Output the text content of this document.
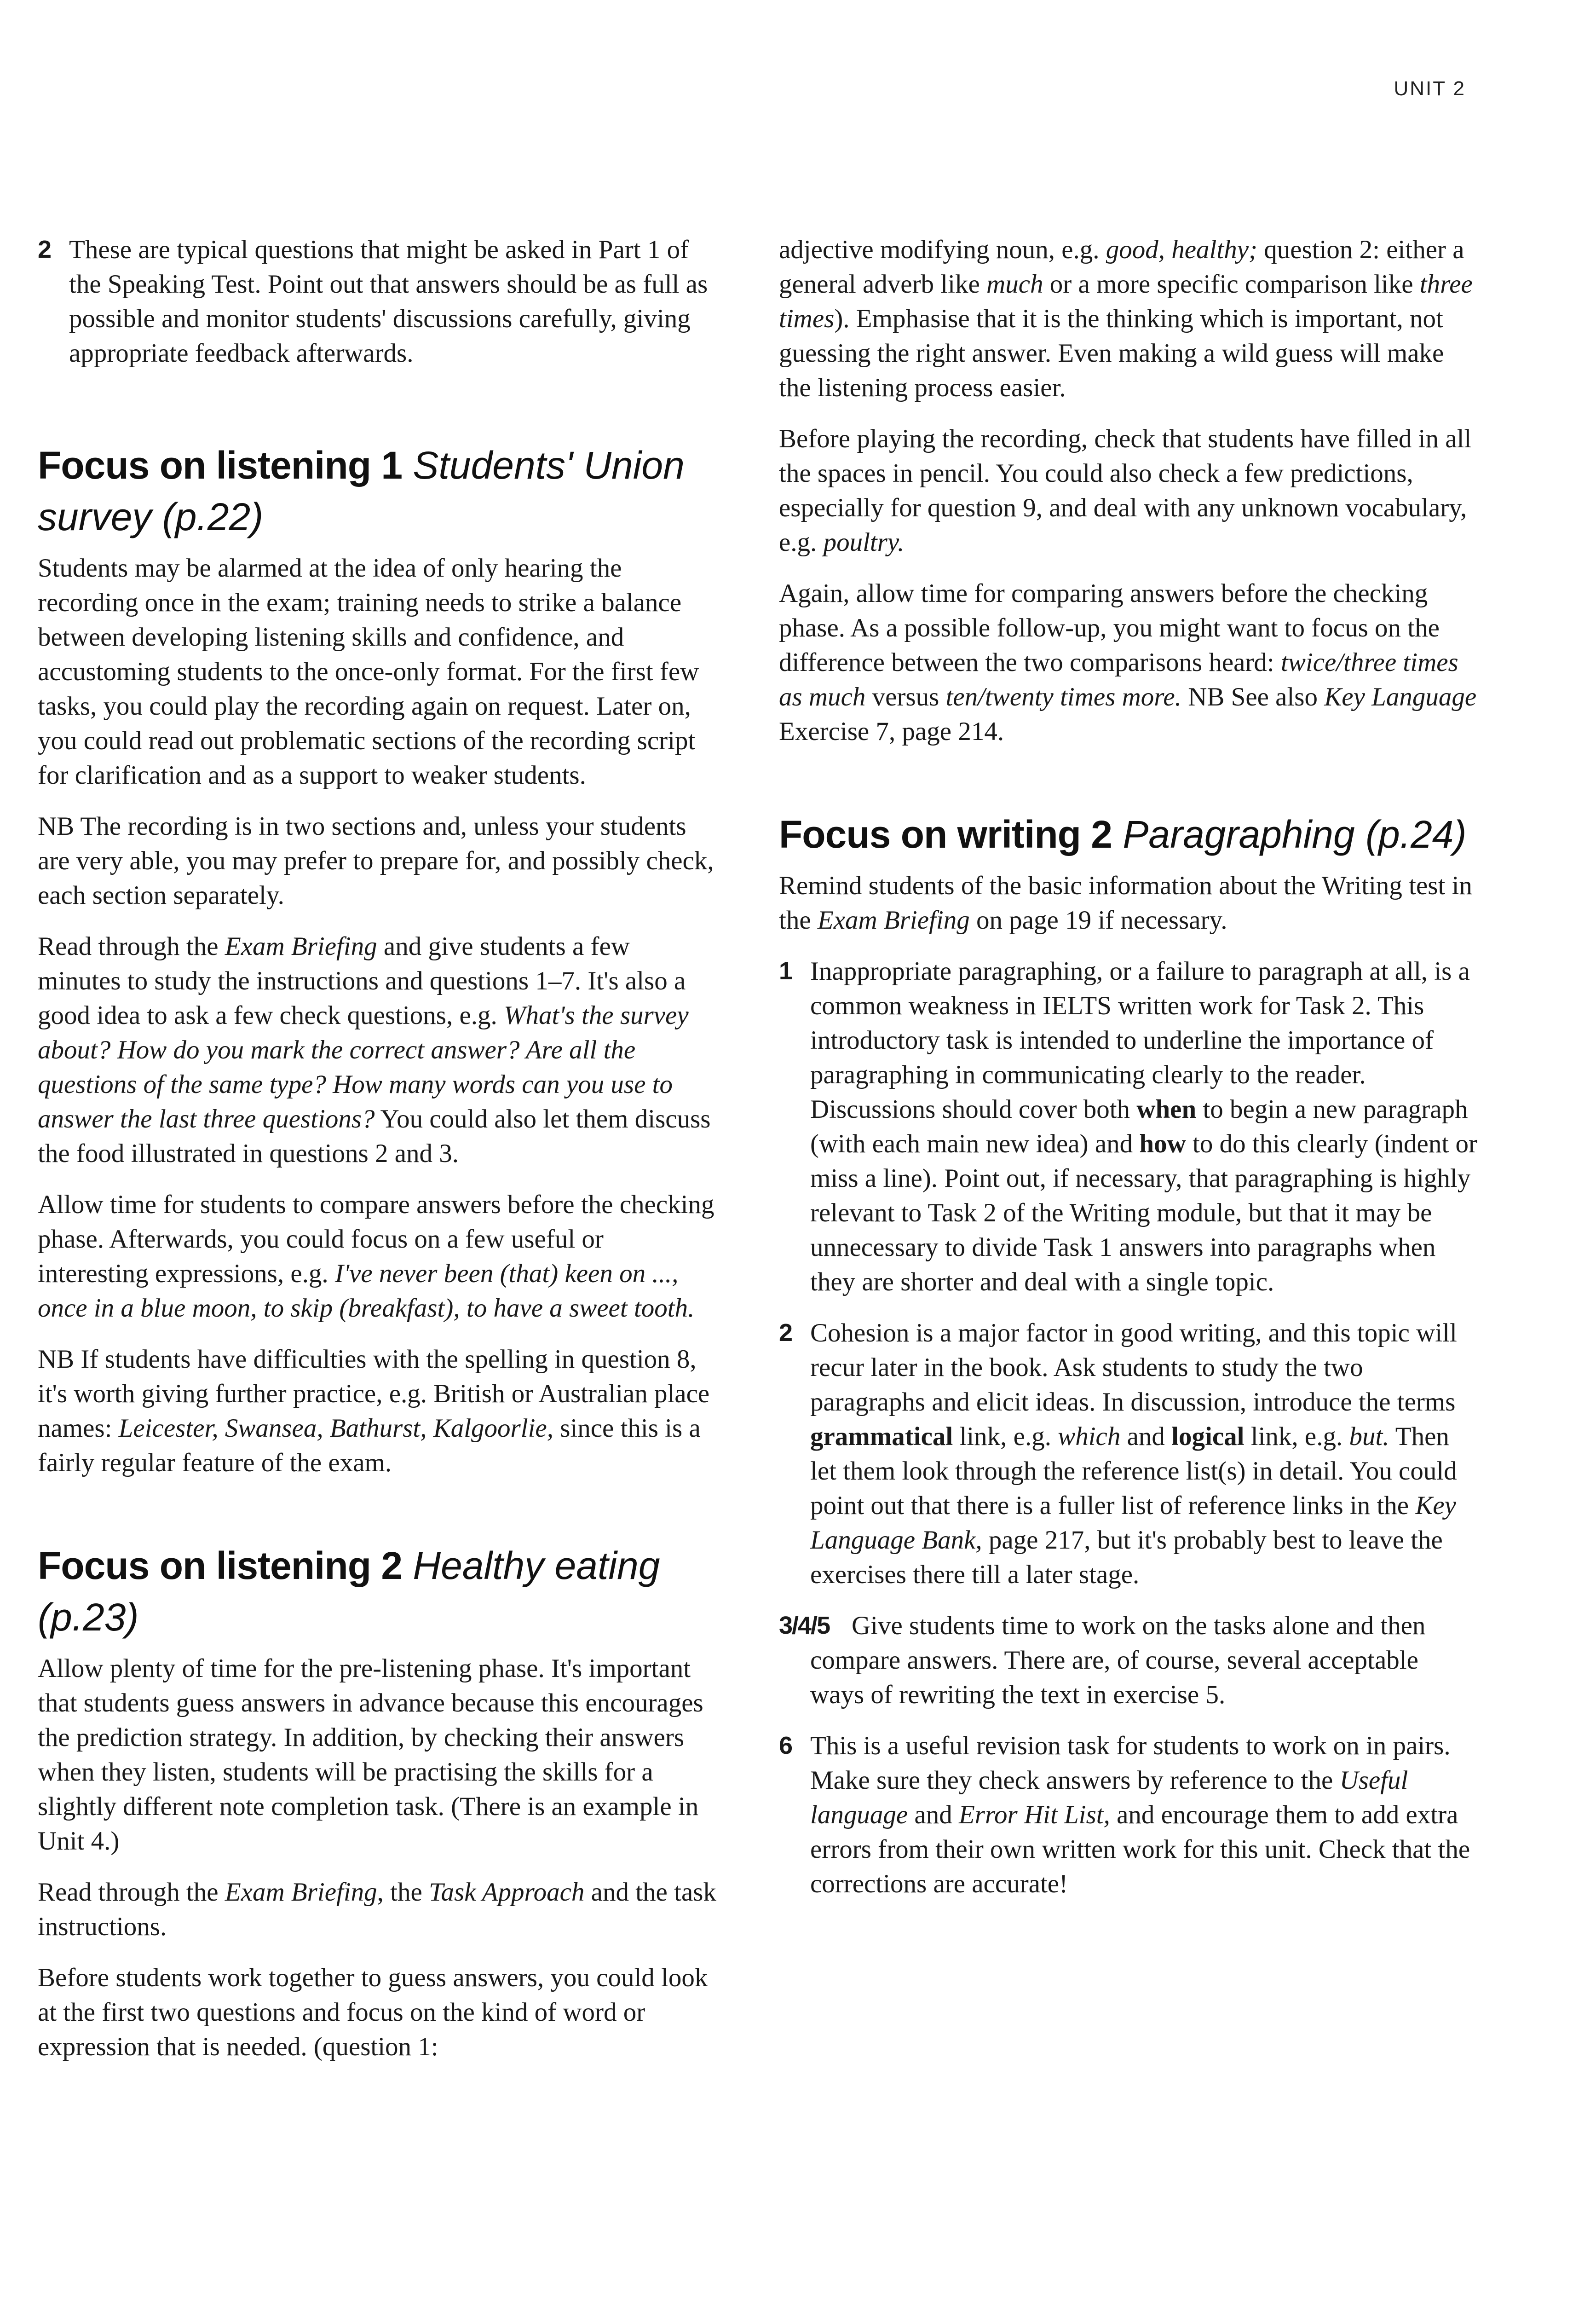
UNIT 2

2 These are typical questions that might be asked in Part 1 of the Speaking Test. Point out that answers should be as full as possible and monitor students' discussions carefully, giving appropriate feedback afterwards.

Focus on listening 1 Students' Union survey (p.22)

Students may be alarmed at the idea of only hearing the recording once in the exam; training needs to strike a balance between developing listening skills and confidence, and accustoming students to the once-only format. For the first few tasks, you could play the recording again on request. Later on, you could read out problematic sections of the recording script for clarification and as a support to weaker students.

NB The recording is in two sections and, unless your students are very able, you may prefer to prepare for, and possibly check, each section separately.

Read through the Exam Briefing and give students a few minutes to study the instructions and questions 1–7. It's also a good idea to ask a few check questions, e.g. What's the survey about? How do you mark the correct answer? Are all the questions of the same type? How many words can you use to answer the last three questions? You could also let them discuss the food illustrated in questions 2 and 3.

Allow time for students to compare answers before the checking phase. Afterwards, you could focus on a few useful or interesting expressions, e.g. I've never been (that) keen on ..., once in a blue moon, to skip (breakfast), to have a sweet tooth.

NB If students have difficulties with the spelling in question 8, it's worth giving further practice, e.g. British or Australian place names: Leicester, Swansea, Bathurst, Kalgoorlie, since this is a fairly regular feature of the exam.

Focus on listening 2 Healthy eating (p.23)

Allow plenty of time for the pre-listening phase. It's important that students guess answers in advance because this encourages the prediction strategy. In addition, by checking their answers when they listen, students will be practising the skills for a slightly different note completion task. (There is an example in Unit 4.)

Read through the Exam Briefing, the Task Approach and the task instructions.

Before students work together to guess answers, you could look at the first two questions and focus on the kind of word or expression that is needed. (question 1:

adjective modifying noun, e.g. good, healthy; question 2: either a general adverb like much or a more specific comparison like three times). Emphasise that it is the thinking which is important, not guessing the right answer. Even making a wild guess will make the listening process easier.

Before playing the recording, check that students have filled in all the spaces in pencil. You could also check a few predictions, especially for question 9, and deal with any unknown vocabulary, e.g. poultry.

Again, allow time for comparing answers before the checking phase. As a possible follow-up, you might want to focus on the difference between the two comparisons heard: twice/three times as much versus ten/twenty times more. NB See also Key Language Exercise 7, page 214.

Focus on writing 2 Paragraphing (p.24)

Remind students of the basic information about the Writing test in the Exam Briefing on page 19 if necessary.

1 Inappropriate paragraphing, or a failure to paragraph at all, is a common weakness in IELTS written work for Task 2. This introductory task is intended to underline the importance of paragraphing in communicating clearly to the reader. Discussions should cover both when to begin a new paragraph (with each main new idea) and how to do this clearly (indent or miss a line). Point out, if necessary, that paragraphing is highly relevant to Task 2 of the Writing module, but that it may be unnecessary to divide Task 1 answers into paragraphs when they are shorter and deal with a single topic.

2 Cohesion is a major factor in good writing, and this topic will recur later in the book. Ask students to study the two paragraphs and elicit ideas. In discussion, introduce the terms grammatical link, e.g. which and logical link, e.g. but. Then let them look through the reference list(s) in detail. You could point out that there is a fuller list of reference links in the Key Language Bank, page 217, but it's probably best to leave the exercises there till a later stage.

3/4/5 Give students time to work on the tasks alone and then compare answers. There are, of course, several acceptable ways of rewriting the text in exercise 5.

6 This is a useful revision task for students to work on in pairs. Make sure they check answers by reference to the Useful language and Error Hit List, and encourage them to add extra errors from their own written work for this unit. Check that the corrections are accurate!
